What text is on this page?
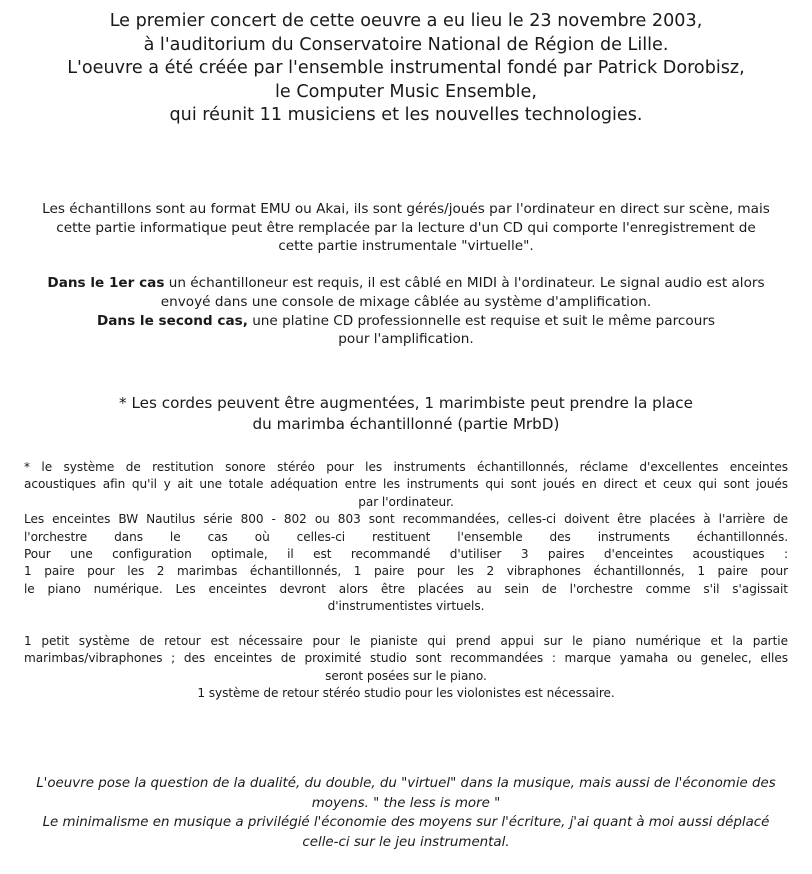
Le premier concert de cette oeuvre a eu lieu le 23 novembre 2003,
à l'auditorium du Conservatoire National de Région de Lille.
L'oeuvre a été créée par l'ensemble instrumental fondé par Patrick Dorobisz,
le Computer Music Ensemble,
qui réunit 11 musiciens et les nouvelles technologies.
Les échantillons sont au format EMU ou Akai, ils sont gérés/joués par l'ordinateur en direct sur scène, mais
cette partie informatique peut être remplacée par la lecture d'un CD qui comporte l'enregistrement de
cette partie instrumentale "virtuelle".
Dans le 1er cas un échantilloneur est requis, il est câblé en MIDI à l'ordinateur. Le signal audio est alors
envoyé dans une console de mixage câblée au système d'amplification.
Dans le second cas, une platine CD professionnelle est requise et suit le même parcours
pour l'amplification.
* Les cordes peuvent être augmentées, 1 marimbiste peut prendre la place
du marimba échantillonné (partie MrbD)
* le système de restitution sonore stéréo pour les instruments échantillonnés, réclame d'excellentes enceintes
acoustiques afin qu'il y ait une totale adéquation entre les instruments qui sont joués en direct et ceux qui sont joués
par l'ordinateur.
Les enceintes BW Nautilus série 800 - 802 ou 803 sont recommandées, celles-ci doivent être placées à l'arrière de
l'orchestre dans le cas où celles-ci restituent l'ensemble des instruments échantillonnés.
Pour une configuration optimale, il est recommandé d'utiliser 3 paires d'enceintes acoustiques :
1 paire pour les 2 marimbas échantillonnés, 1 paire pour les 2 vibraphones échantillonnés, 1 paire pour
le piano numérique. Les enceintes devront alors être placées au sein de l'orchestre comme s'il s'agissait
d'instrumentistes virtuels.
1 petit système de retour est nécessaire pour le pianiste qui prend appui sur le piano numérique et la partie
marimbas/vibraphones ; des enceintes de proximité studio sont recommandées : marque yamaha ou genelec, elles
seront posées sur le piano.
1 système de retour stéréo studio pour les violonistes est nécessaire.
L'oeuvre pose la question de la dualité, du double, du "virtuel" dans la musique, mais aussi de l'économie des
moyens. " the less is more "
Le minimalisme en musique a privilégié l'économie des moyens sur l'écriture, j'ai quant à moi aussi déplacé
celle-ci sur le jeu instrumental.
